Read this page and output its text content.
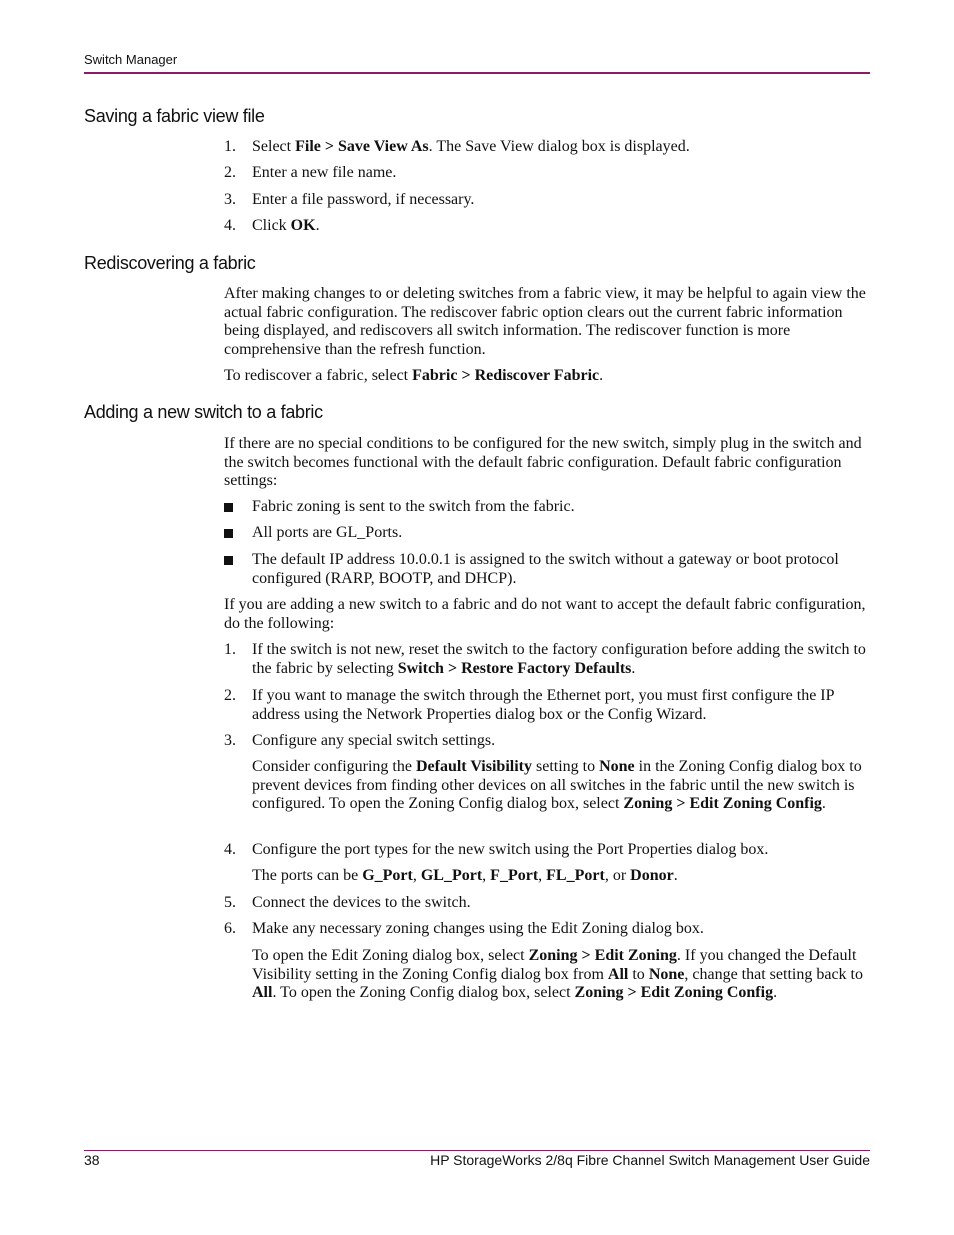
Switch Manager
Saving a fabric view file
1. Select File > Save View As. The Save View dialog box is displayed.
2. Enter a new file name.
3. Enter a file password, if necessary.
4. Click OK.
Rediscovering a fabric
After making changes to or deleting switches from a fabric view, it may be helpful to again view the actual fabric configuration. The rediscover fabric option clears out the current fabric information being displayed, and rediscovers all switch information. The rediscover function is more comprehensive than the refresh function.
To rediscover a fabric, select Fabric > Rediscover Fabric.
Adding a new switch to a fabric
If there are no special conditions to be configured for the new switch, simply plug in the switch and the switch becomes functional with the default fabric configuration. Default fabric configuration settings:
Fabric zoning is sent to the switch from the fabric.
All ports are GL_Ports.
The default IP address 10.0.0.1 is assigned to the switch without a gateway or boot protocol configured (RARP, BOOTP, and DHCP).
If you are adding a new switch to a fabric and do not want to accept the default fabric configuration, do the following:
1. If the switch is not new, reset the switch to the factory configuration before adding the switch to the fabric by selecting Switch > Restore Factory Defaults.
2. If you want to manage the switch through the Ethernet port, you must first configure the IP address using the Network Properties dialog box or the Config Wizard.
3. Configure any special switch settings.
Consider configuring the Default Visibility setting to None in the Zoning Config dialog box to prevent devices from finding other devices on all switches in the fabric until the new switch is configured. To open the Zoning Config dialog box, select Zoning > Edit Zoning Config.
4. Configure the port types for the new switch using the Port Properties dialog box.
The ports can be G_Port, GL_Port, F_Port, FL_Port, or Donor.
5. Connect the devices to the switch.
6. Make any necessary zoning changes using the Edit Zoning dialog box.
To open the Edit Zoning dialog box, select Zoning > Edit Zoning. If you changed the Default Visibility setting in the Zoning Config dialog box from All to None, change that setting back to All. To open the Zoning Config dialog box, select Zoning > Edit Zoning Config.
38	HP StorageWorks 2/8q Fibre Channel Switch Management User Guide
